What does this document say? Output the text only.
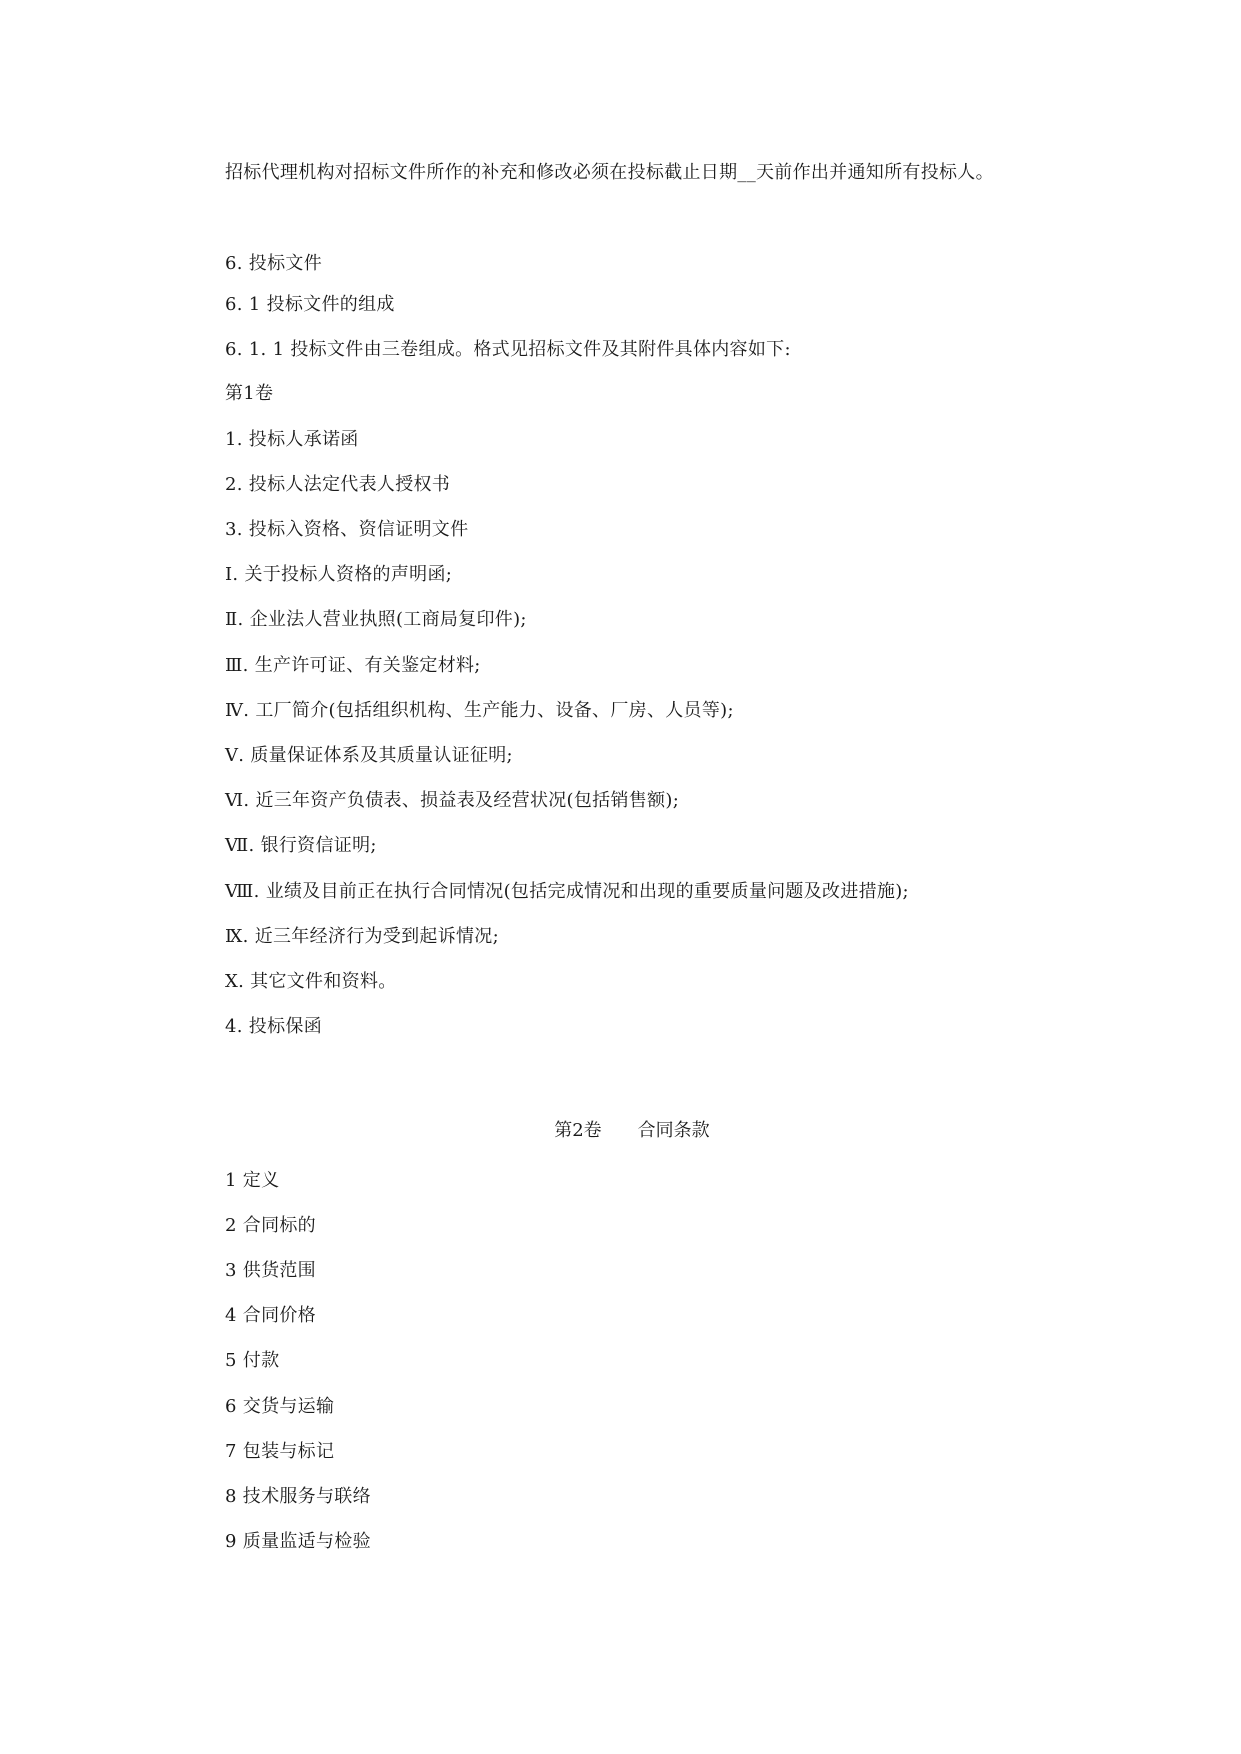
招标代理机构对招标文件所作的补充和修改必须在投标截止日期__天前作出并通知所有投标人。
6. 投标文件
6. 1 投标文件的组成
6. 1. 1 投标文件由三卷组成。格式见招标文件及其附件具体内容如下:
第1卷
1. 投标人承诺函
2. 投标人法定代表人授权书
3. 投标入资格、资信证明文件
Ⅰ. 关于投标人资格的声明函;
Ⅱ. 企业法人营业执照(工商局复印件);
Ⅲ. 生产许可证、有关鉴定材料;
Ⅳ. 工厂简介(包括组织机构、生产能力、设备、厂房、人员等);
Ⅴ. 质量保证体系及其质量认证征明;
Ⅵ. 近三年资产负债表、损益表及经营状况(包括销售额);
Ⅶ. 银行资信证明;
Ⅷ. 业绩及目前正在执行合同情况(包括完成情况和出现的重要质量问题及改进措施);
Ⅸ. 近三年经济行为受到起诉情况;
Ⅹ. 其它文件和资料。
4. 投标保函

第2卷 合同条款

1 定义
2 合同标的
3 供货范围
4 合同价格
5 付款
6 交货与运输
7 包装与标记
8 技术服务与联络
9 质量监适与检验
